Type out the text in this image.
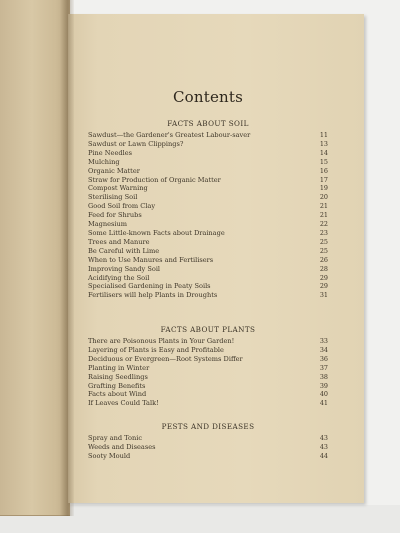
Contents
FACTS ABOUT SOIL
Sawdust—the Gardener's Greatest Labour-saver	11
Sawdust or Lawn Clippings?	13
Pine Needles	14
Mulching	15
Organic Matter	16
Straw for Production of Organic Matter	17
Compost Warning	19
Sterilising Soil	20
Good Soil from Clay	21
Feed for Shrubs	21
Magnesium	22
Some Little-known Facts about Drainage	23
Trees and Manure	25
Be Careful with Lime	25
When to Use Manures and Fertilisers	26
Improving Sandy Soil	28
Acidifying the Soil	29
Specialised Gardening in Peaty Soils	29
Fertilisers will help Plants in Droughts	31
FACTS ABOUT PLANTS
There are Poisonous Plants in Your Garden!	33
Layering of Plants is Easy and Profitable	34
Deciduous or Evergreen—Root Systems Differ	36
Planting in Winter	37
Raising Seedlings	38
Grafting Benefits	39
Facts about Wind	40
If Leaves Could Talk!	41
PESTS AND DISEASES
Spray and Tonic	43
Weeds and Diseases	43
Sooty Mould	44
